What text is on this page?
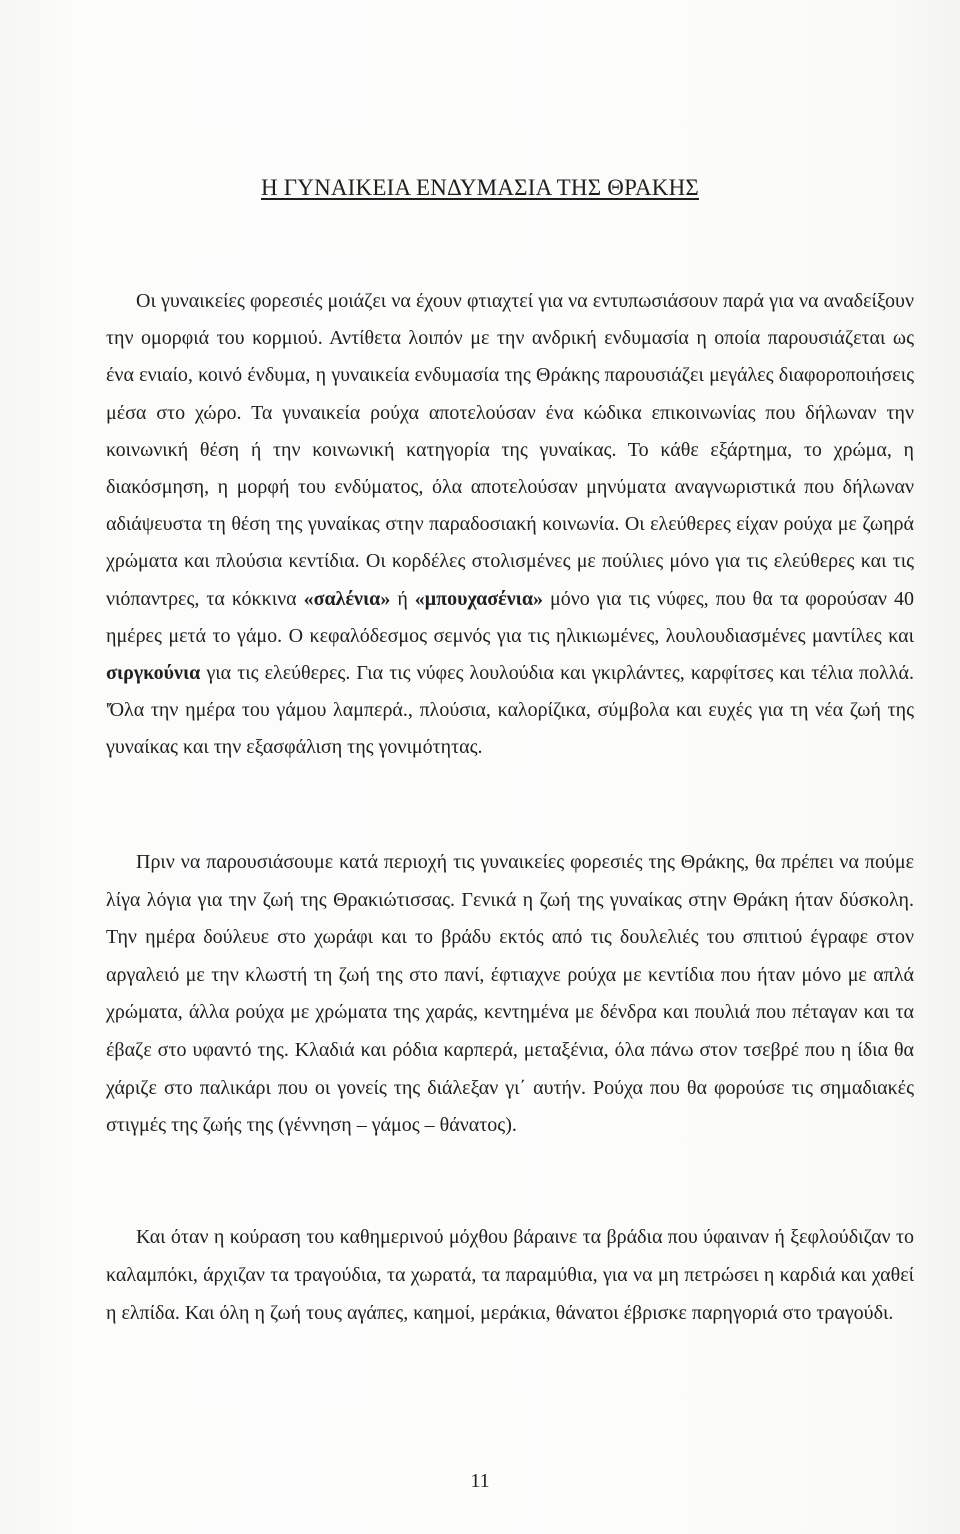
Η ΓΥΝΑΙΚΕΙΑ ΕΝΔΥΜΑΣΙΑ ΤΗΣ ΘΡΑΚΗΣ

Οι γυναικείες φορεσιές μοιάζει να έχουν φτιαχτεί για να εντυπωσιάσουν παρά για να αναδείξουν την ομορφιά του κορμιού. Αντίθετα λοιπόν με την ανδρική ενδυμασία η οποία παρουσιάζεται ως ένα ενιαίο, κοινό ένδυμα, η γυναικεία ενδυμασία της Θράκης παρουσιάζει μεγάλες διαφοροποιήσεις μέσα στο χώρο. Τα γυναικεία ρούχα αποτελούσαν ένα κώδικα επικοινωνίας που δήλωναν την κοινωνική θέση ή την κοινωνική κατηγορία της γυναίκας. Το κάθε εξάρτημα, το χρώμα, η διακόσμηση, η μορφή του ενδύματος, όλα αποτελούσαν μηνύματα αναγνωριστικά που δήλωναν αδιάψευστα τη θέση της γυναίκας στην παραδοσιακή κοινωνία. Οι ελεύθερες είχαν ρούχα με ζωηρά χρώματα και πλούσια κεντίδια. Οι κορδέλες στολισμένες με πούλιες μόνο για τις ελεύθερες και τις νιόπαντρες, τα κόκκινα «σαλένια» ή «μπουχασένια» μόνο για τις νύφες, που θα τα φορούσαν 40 ημέρες μετά το γάμο. Ο κεφαλόδεσμος σεμνός για τις ηλικιωμένες, λουλουδιασμένες μαντίλες και σιργκούνια για τις ελεύθερες. Για τις νύφες λουλούδια και γκιρλάντες, καρφίτσες και τέλια πολλά. 'Όλα την ημέρα του γάμου λαμπερά., πλούσια, καλορίζικα, σύμβολα και ευχές για τη νέα ζωή της γυναίκας και την εξασφάλιση της γονιμότητας.

Πριν να παρουσιάσουμε κατά περιοχή τις γυναικείες φορεσιές της Θράκης, θα πρέπει να πούμε λίγα λόγια για την ζωή της Θρακιώτισσας. Γενικά η ζωή της γυναίκας στην Θράκη ήταν δύσκολη. Την ημέρα δούλευε στο χωράφι και το βράδυ εκτός από τις δουλελιές του σπιτιού έγραφε στον αργαλειό με την κλωστή τη ζωή της στο πανί, έφτιαχνε ρούχα με κεντίδια που ήταν μόνο με απλά χρώματα, άλλα ρούχα με χρώματα της χαράς, κεντημένα με δένδρα και πουλιά που πέταγαν και τα έβαζε στο υφαντό της. Κλαδιά και ρόδια καρπερά, μεταξένια, όλα πάνω στον τσεβρέ που η ίδια θα χάριζε στο παλικάρι που οι γονείς της διάλεξαν γι΄ αυτήν. Ρούχα που θα φορούσε τις σημαδιακές στιγμές της ζωής της (γέννηση – γάμος – θάνατος).

Και όταν η κούραση του καθημερινού μόχθου βάραινε τα βράδια που ύφαιναν ή ξεφλούδιζαν το καλαμπόκι, άρχιζαν τα τραγούδια, τα χωρατά, τα παραμύθια, για να μη πετρώσει η καρδιά και χαθεί η ελπίδα. Και όλη η ζωή τους αγάπες, καημοί, μεράκια, θάνατοι έβρισκε παρηγοριά στο τραγούδι.

11
